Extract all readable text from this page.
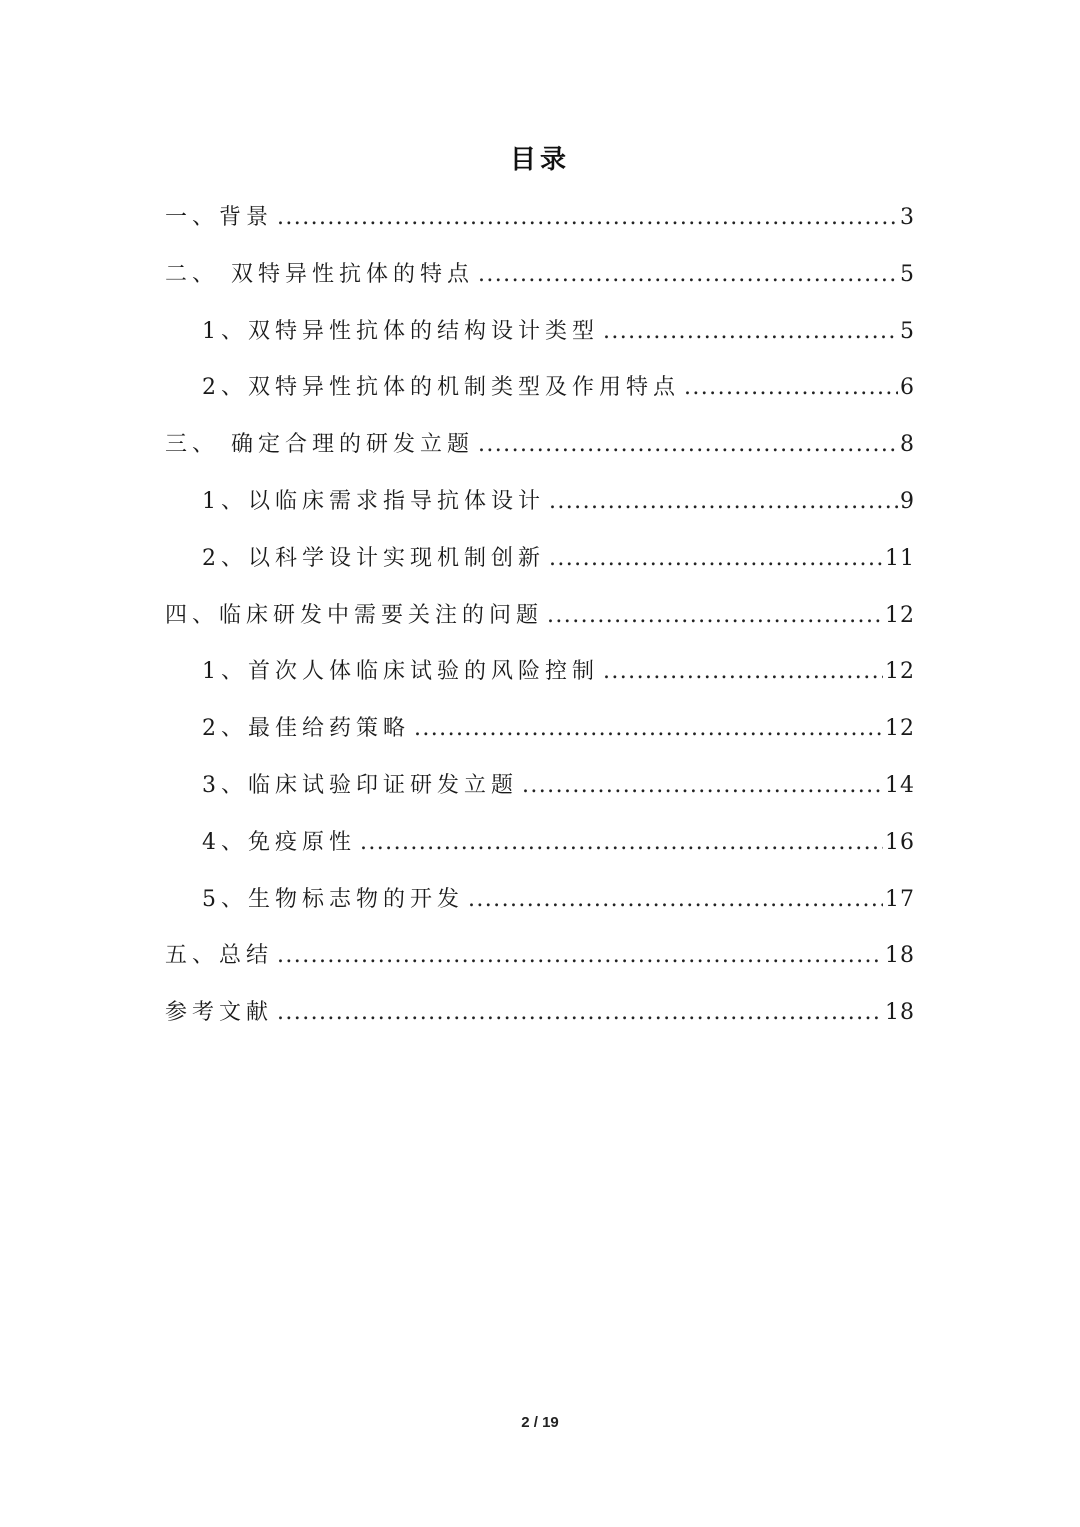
目录
一、背景 .....	3
二、 双特异性抗体的特点 .....	5
1、双特异性抗体的结构设计类型 .....	5
2、双特异性抗体的机制类型及作用特点 .....	6
三、 确定合理的研发立题 .....	8
1、以临床需求指导抗体设计 .....	9
2、以科学设计实现机制创新 .....	11
四、临床研发中需要关注的问题 .....	12
1、首次人体临床试验的风险控制 .....	12
2、最佳给药策略 .....	12
3、临床试验印证研发立题 .....	14
4、免疫原性 .....	16
5、生物标志物的开发 .....	17
五、总结 .....	18
参考文献 .....	18
2 / 19
